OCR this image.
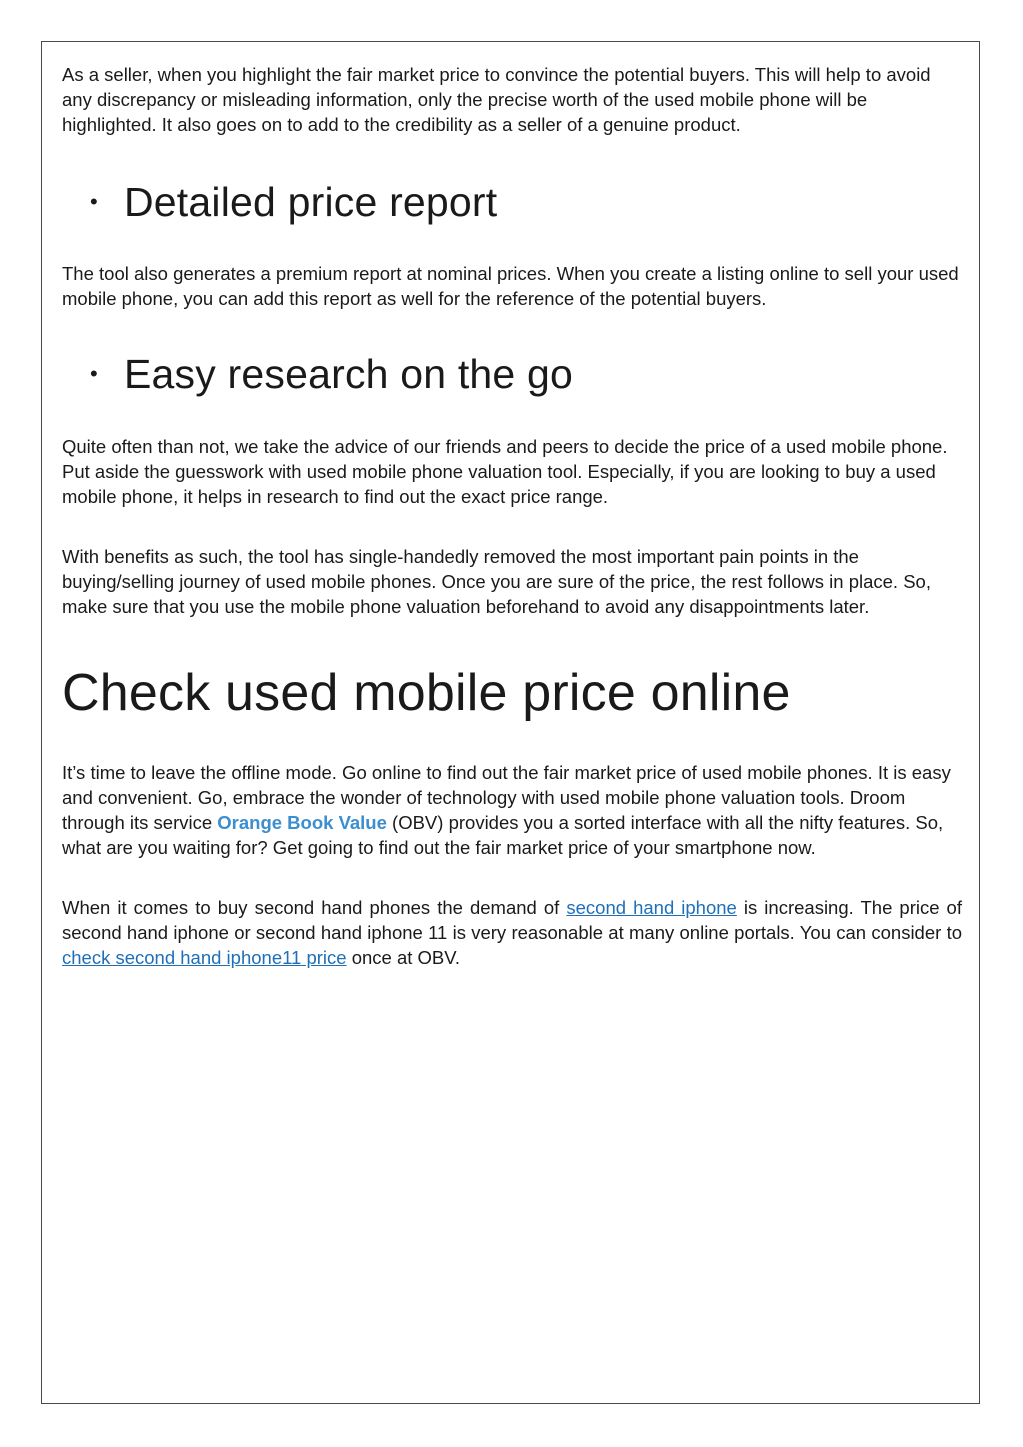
As a seller, when you highlight the fair market price to convince the potential buyers. This will help to avoid any discrepancy or misleading information, only the precise worth of the used mobile phone will be highlighted. It also goes on to add to the credibility as a seller of a genuine product.

• Detailed price report

The tool also generates a premium report at nominal prices. When you create a listing online to sell your used mobile phone, you can add this report as well for the reference of the potential buyers.

• Easy research on the go

Quite often than not, we take the advice of our friends and peers to decide the price of a used mobile phone. Put aside the guesswork with used mobile phone valuation tool. Especially, if you are looking to buy a used mobile phone, it helps in research to find out the exact price range.

With benefits as such, the tool has single-handedly removed the most important pain points in the buying/selling journey of used mobile phones. Once you are sure of the price, the rest follows in place. So, make sure that you use the mobile phone valuation beforehand to avoid any disappointments later.

Check used mobile price online

It’s time to leave the offline mode. Go online to find out the fair market price of used mobile phones. It is easy and convenient. Go, embrace the wonder of technology with used mobile phone valuation tools. Droom through its service Orange Book Value (OBV) provides you a sorted interface with all the nifty features. So, what are you waiting for? Get going to find out the fair market price of your smartphone now.

When it comes to buy second hand phones the demand of second hand iphone is increasing. The price of second hand iphone or second hand iphone 11 is very reasonable at many online portals. You can consider to check second hand iphone11 price once at OBV.
